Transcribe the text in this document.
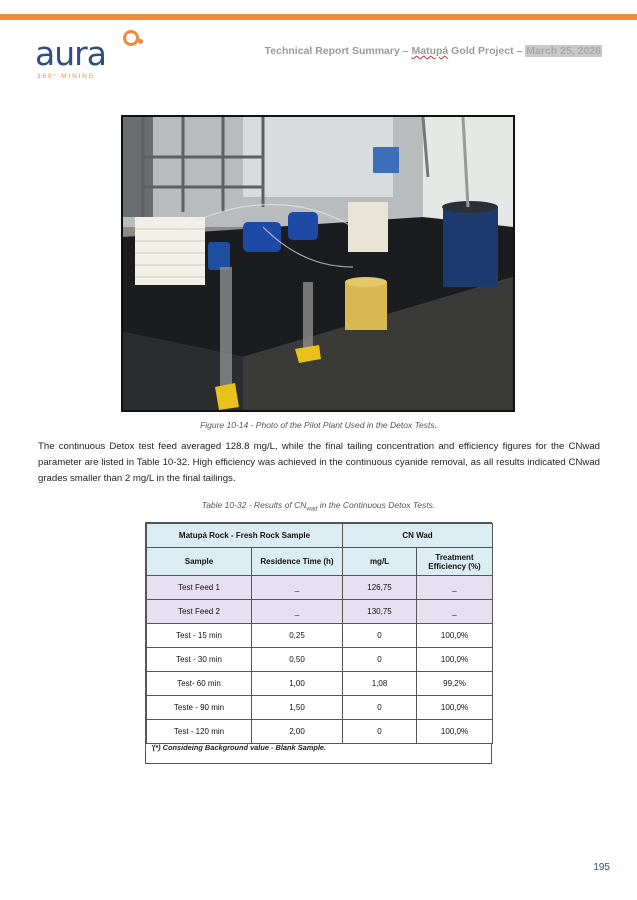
aura
360° MINING
Technical Report Summary – Matupá Gold Project – March 25, 2026
Figure 10-14 - Photo of the Pilot Plant Used in the Detox Tests.
The continuous Detox test feed averaged 128.8 mg/L, while the final tailing concentration and efficiency figures for the CNwad parameter are listed in Table 10-32. High efficiency was achieved in the continuous cyanide removal, as all results indicated CNwad grades smaller than 2 mg/L in the final tailings.
Table 10-32 - Results of $CN_{wad}$ in the Continuous Detox Tests.
Matupá Rock - Fresh Rock Sample		CN Wad	
Sample	Residence Time (h)	mg/L	Treatment Efficiency (%)
Test Feed 1	_	126,75	_
Test Feed 2	_	130,75	_
Test - 15 min	0,25	0	100,0%
Test - 30 min	0,50	0	100,0%
Test- 60 min	1,00	1,08	99,2%
Teste - 90 min	1,50	0	100,0%
Test - 120 min	2,00	0	100,0%
'(*) Consideing Background value - Blank Sample.
195
